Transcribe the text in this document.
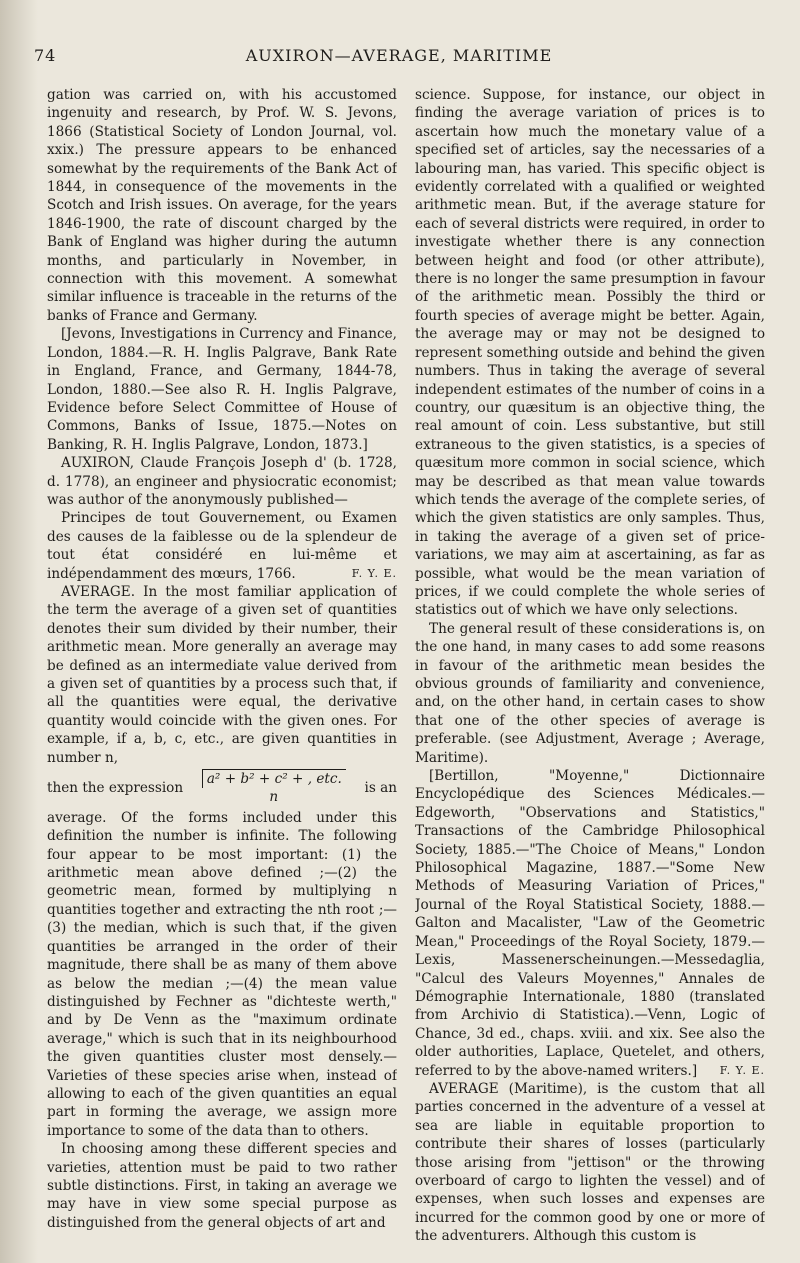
74	AUXIRON—AVERAGE, MARITIME

gation was carried on, with his accustomed ingenuity and research, by Prof. W. S. Jevons, 1866 (Statistical Society of London Journal, vol. xxix.) The pressure appears to be enhanced somewhat by the requirements of the Bank Act of 1844, in consequence of the movements in the Scotch and Irish issues. On average, for the years 1846-1900, the rate of discount charged by the Bank of England was higher during the autumn months, and particularly in November, in connection with this movement. A somewhat similar influence is traceable in the returns of the banks of France and Germany.

[Jevons, Investigations in Currency and Finance, London, 1884.—R. H. Inglis Palgrave, Bank Rate in England, France, and Germany, 1844-78, London, 1880.—See also R. H. Inglis Palgrave, Evidence before Select Committee of House of Commons, Banks of Issue, 1875.—Notes on Banking, R. H. Inglis Palgrave, London, 1873.]

AUXIRON, Claude François Joseph d' (b. 1728, d. 1778), an engineer and physiocratic economist; was author of the anonymously published—

Principes de tout Gouvernement, ou Examen des causes de la faiblesse ou de la splendeur de tout état considéré en lui-même et indépendamment des mœurs, 1766.	F. Y. E.

AVERAGE. In the most familiar application of the term the average of a given set of quantities denotes their sum divided by their number, their arithmetic mean. More generally an average may be defined as an intermediate value derived from a given set of quantities by a process such that, if all the quantities were equal, the derivative quantity would coincide with the given ones. For example, if a, b, c, etc., are given quantities in number n,

then the expression
a² + b² + c² + , etc.
n
is an

average. Of the forms included under this definition the number is infinite. The following four appear to be most important: (1) the arithmetic mean above defined ;—(2) the geometric mean, formed by multiplying n quantities together and extracting the nth root ;—(3) the median, which is such that, if the given quantities be arranged in the order of their magnitude, there shall be as many of them above as below the median ;—(4) the mean value distinguished by Fechner as "dichteste werth," and by De Venn as the "maximum ordinate average," which is such that in its neighbourhood the given quantities cluster most densely.—Varieties of these species arise when, instead of allowing to each of the given quantities an equal part in forming the average, we assign more importance to some of the data than to others.

In choosing among these different species and varieties, attention must be paid to two rather subtle distinctions. First, in taking an average we may have in view some special purpose as distinguished from the general objects of art and

science. Suppose, for instance, our object in finding the average variation of prices is to ascertain how much the monetary value of a specified set of articles, say the necessaries of a labouring man, has varied. This specific object is evidently correlated with a qualified or weighted arithmetic mean. But, if the average stature for each of several districts were required, in order to investigate whether there is any connection between height and food (or other attribute), there is no longer the same presumption in favour of the arithmetic mean. Possibly the third or fourth species of average might be better. Again, the average may or may not be designed to represent something outside and behind the given numbers. Thus in taking the average of several independent estimates of the number of coins in a country, our quæsitum is an objective thing, the real amount of coin. Less substantive, but still extraneous to the given statistics, is a species of quæsitum more common in social science, which may be described as that mean value towards which tends the average of the complete series, of which the given statistics are only samples. Thus, in taking the average of a given set of price-variations, we may aim at ascertaining, as far as possible, what would be the mean variation of prices, if we could complete the whole series of statistics out of which we have only selections.

The general result of these considerations is, on the one hand, in many cases to add some reasons in favour of the arithmetic mean besides the obvious grounds of familiarity and convenience, and, on the other hand, in certain cases to show that one of the other species of average is preferable. (see Adjustment, Average ; Average, Maritime).

[Bertillon, "Moyenne," Dictionnaire Encyclopédique des Sciences Médicales.—Edgeworth, "Observations and Statistics," Transactions of the Cambridge Philosophical Society, 1885.—"The Choice of Means," London Philosophical Magazine, 1887.—"Some New Methods of Measuring Variation of Prices," Journal of the Royal Statistical Society, 1888.—Galton and Macalister, "Law of the Geometric Mean," Proceedings of the Royal Society, 1879.—Lexis, Massenerscheinungen.—Messedaglia, "Calcul des Valeurs Moyennes," Annales de Démographie Internationale, 1880 (translated from Archivio di Statistica).—Venn, Logic of Chance, 3d ed., chaps. xviii. and xix. See also the older authorities, Laplace, Quetelet, and others, referred to by the above-named writers.]	F. Y. E.

AVERAGE (Maritime), is the custom that all parties concerned in the adventure of a vessel at sea are liable in equitable proportion to contribute their shares of losses (particularly those arising from "jettison" or the throwing overboard of cargo to lighten the vessel) and of expenses, when such losses and expenses are incurred for the common good by one or more of the adventurers. Although this custom is
